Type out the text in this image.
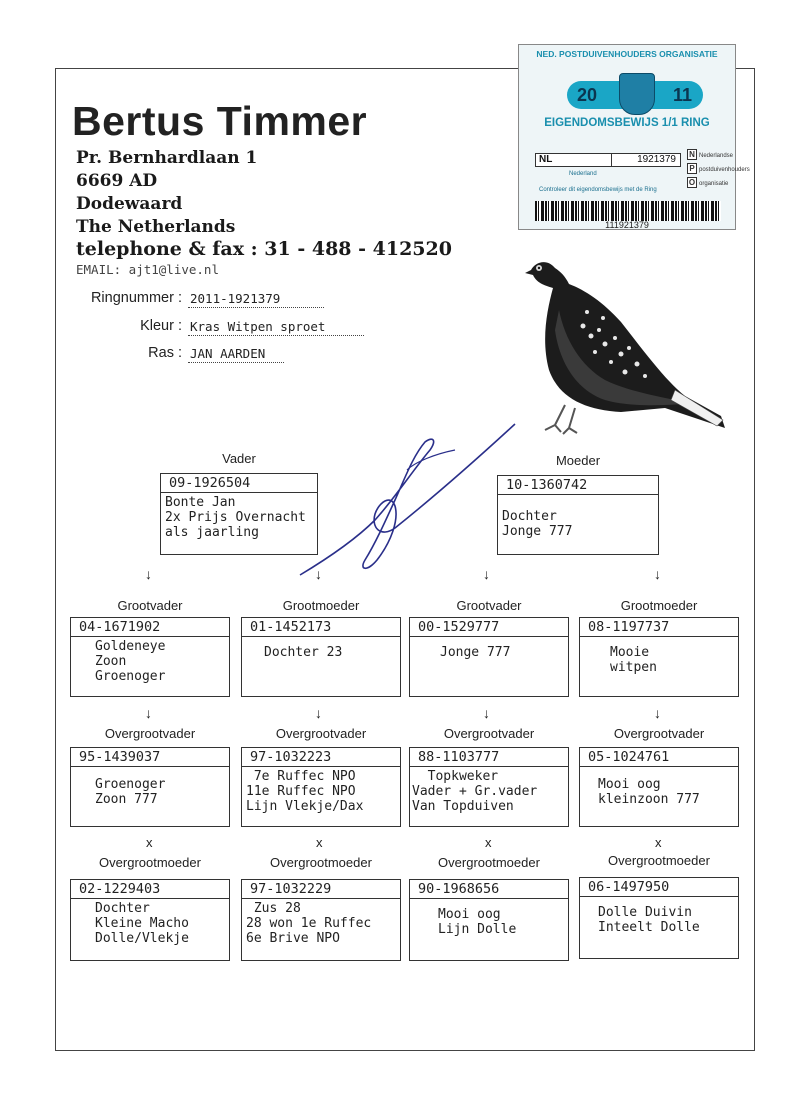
Bertus Timmer
Pr. Bernhardlaan 1
6669 AD
Dodewaard
The Netherlands
telephone & fax : 31 - 488 - 412520
EMAIL: ajt1@live.nl
Ringnummer : 2011-1921379
Kleur : Kras Witpen sproet
Ras : JAN AARDEN
NED. POSTDUIVENHOUDERS ORGANISATIE
20	11
EIGENDOMSBEWIJS 1/1 RING
NL	1921379	N Nederlandse
P postduivenhouders
O organisatie
Nederland
Controleer dit eigendomsbewijs met de Ring
111921379
Vader	Moeder
09-1926504
Bonte Jan
2x Prijs Overnacht
als jaarling
10-1360742
Dochter
Jonge 777
↓	↓	↓	↓
Grootvader	Grootmoeder	Grootvader	Grootmoeder
04-1671902
Goldeneye
Zoon
Groenoger
01-1452173
Dochter 23
00-1529777
Jonge 777
08-1197737
Mooie
witpen
↓	↓	↓	↓
Overgrootvader	Overgrootvader	Overgrootvader	Overgrootvader
95-1439037
Groenoger
Zoon 777
97-1032223
7e Ruffec NPO
11e Ruffec NPO
Lijn Vlekje/Dax
88-1103777
Topkweker
Vader + Gr.vader
Van Topduiven
05-1024761
Mooi oog
kleinzoon 777
x	x	x	x
Overgrootmoeder	Overgrootmoeder	Overgrootmoeder	Overgrootmoeder
02-1229403
Dochter
Kleine Macho
Dolle/Vlekje
97-1032229
Zus 28
28 won 1e Ruffec
6e Brive NPO
90-1968656
Mooi oog
Lijn Dolle
06-1497950
Dolle Duivin
Inteelt Dolle
